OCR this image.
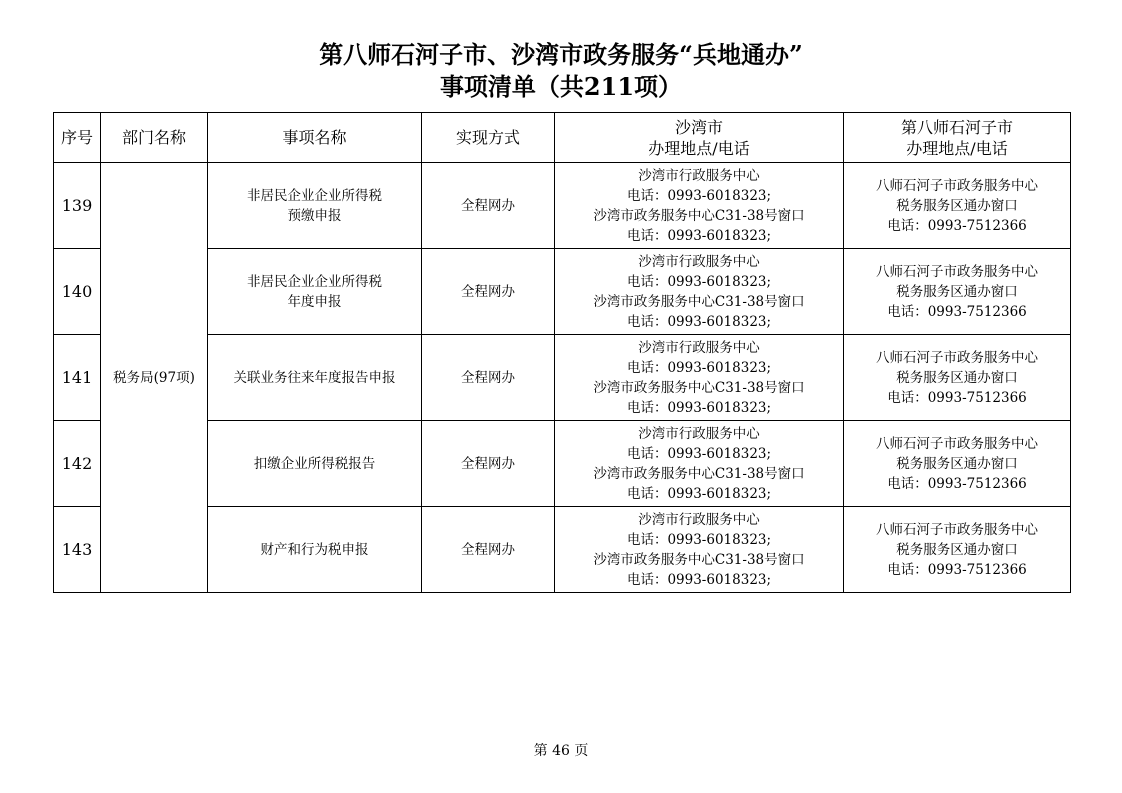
第八师石河子市、沙湾市政务服务“兵地通办”
事项清单（共211项）
序号	部门名称	事项名称	实现方式	沙湾市
办理地点/电话	第八师石河子市
办理地点/电话

139	税务局(97项)	非居民企业企业所得税
预缴申报	全程网办	沙湾市行政服务中心
电话：0993-6018323;
沙湾市政务服务中心C31-38号窗口
电话：0993-6018323;	八师石河子市政务服务中心
税务服务区通办窗口
电话：0993-7512366

140		非居民企业企业所得税
年度申报	全程网办	沙湾市行政服务中心
电话：0993-6018323;
沙湾市政务服务中心C31-38号窗口
电话：0993-6018323;	八师石河子市政务服务中心
税务服务区通办窗口
电话：0993-7512366

141		关联业务往来年度报告申报	全程网办	沙湾市行政服务中心
电话：0993-6018323;
沙湾市政务服务中心C31-38号窗口
电话：0993-6018323;	八师石河子市政务服务中心
税务服务区通办窗口
电话：0993-7512366

142		扣缴企业所得税报告	全程网办	沙湾市行政服务中心
电话：0993-6018323;
沙湾市政务服务中心C31-38号窗口
电话：0993-6018323;	八师石河子市政务服务中心
税务服务区通办窗口
电话：0993-7512366

143		财产和行为税申报	全程网办	沙湾市行政服务中心
电话：0993-6018323;
沙湾市政务服务中心C31-38号窗口
电话：0993-6018323;	八师石河子市政务服务中心
税务服务区通办窗口
电话：0993-7512366
第 46 页
